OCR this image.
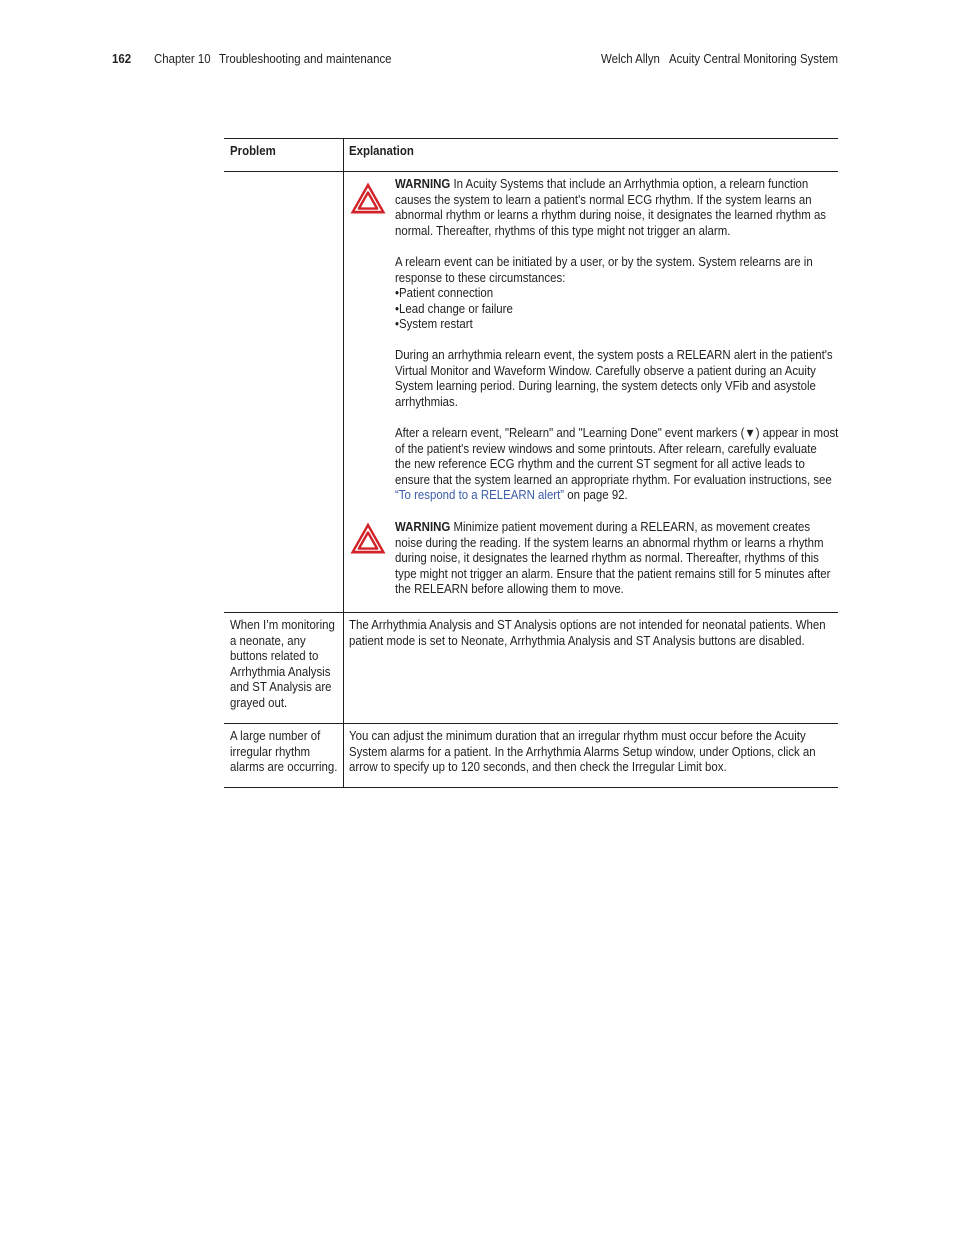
162 Chapter 10 Troubleshooting and maintenance	Welch Allyn Acuity Central Monitoring System
Problem	Explanation
WARNING In Acuity Systems that include an Arrhythmia option, a relearn function
causes the system to learn a patient's normal ECG rhythm. If the system learns an
abnormal rhythm or learns a rhythm during noise, it designates the learned rhythm as
normal. Thereafter, rhythms of this type might not trigger an alarm.
A relearn event can be initiated by a user, or by the system. System relearns are in
response to these circumstances:
•Patient connection
•Lead change or failure
•System restart
During an arrhythmia relearn event, the system posts a RELEARN alert in the patient's
Virtual Monitor and Waveform Window. Carefully observe a patient during an Acuity
System learning period. During learning, the system detects only VFib and asystole
arrhythmias.
After a relearn event, "Relearn" and "Learning Done" event markers (▼) appear in most
of the patient's review windows and some printouts. After relearn, carefully evaluate
the new reference ECG rhythm and the current ST segment for all active leads to
ensure that the system learned an appropriate rhythm. For evaluation instructions, see
“To respond to a RELEARN alert” on page 92.
WARNING Minimize patient movement during a RELEARN, as movement creates
noise during the reading. If the system learns an abnormal rhythm or learns a rhythm
during noise, it designates the learned rhythm as normal. Thereafter, rhythms of this
type might not trigger an alarm. Ensure that the patient remains still for 5 minutes after
the RELEARN before allowing them to move.
When I’m monitoring
a neonate, any
buttons related to
Arrhythmia Analysis
and ST Analysis are
grayed out.
The Arrhythmia Analysis and ST Analysis options are not intended for neonatal patients. When
patient mode is set to Neonate, Arrhythmia Analysis and ST Analysis buttons are disabled.
A large number of
irregular rhythm
alarms are occurring.
You can adjust the minimum duration that an irregular rhythm must occur before the Acuity
System alarms for a patient. In the Arrhythmia Alarms Setup window, under Options, click an
arrow to specify up to 120 seconds, and then check the Irregular Limit box.
